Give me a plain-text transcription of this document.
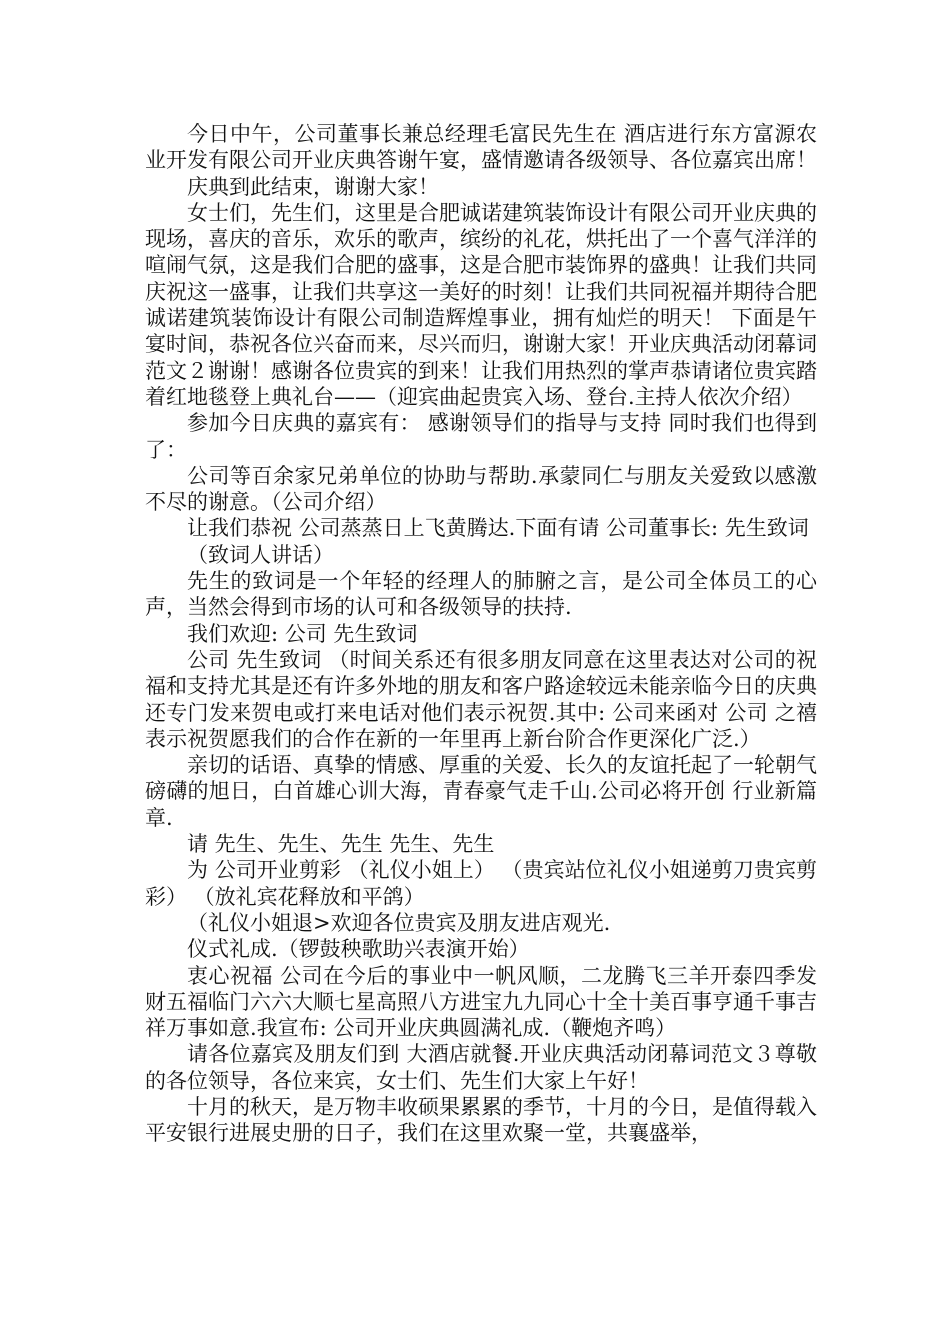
今日中午，公司董事长兼总经理毛富民先生在 酒店进行东方富源农业开发有限公司开业庆典答谢午宴，盛情邀请各级领导、各位嘉宾出席！

庆典到此结束，谢谢大家！

女士们，先生们，这里是合肥诚诺建筑装饰设计有限公司开业庆典的现场，喜庆的音乐，欢乐的歌声，缤纷的礼花，烘托出了一个喜气洋洋的喧闹气氛，这是我们合肥的盛事，这是合肥市装饰界的盛典！让我们共同庆祝这一盛事，让我们共享这一美好的时刻！让我们共同祝福并期待合肥诚诺建筑装饰设计有限公司制造辉煌事业，拥有灿烂的明天！ 下面是午宴时间，恭祝各位兴奋而来，尽兴而归，谢谢大家！开业庆典活动闭幕词范文２谢谢！感谢各位贵宾的到来！让我们用热烈的掌声恭请诸位贵宾踏着红地毯登上典礼台——（迎宾曲起贵宾入场、登台.主持人依次介绍）

参加今日庆典的嘉宾有： 感谢领导们的指导与支持 同时我们也得到了：

公司等百余家兄弟单位的协助与帮助.承蒙同仁与朋友关爱致以感激不尽的谢意。（公司介绍）

让我们恭祝 公司蒸蒸日上飞黄腾达.下面有请 公司董事长: 先生致词

（致词人讲话）

先生的致词是一个年轻的经理人的肺腑之言，是公司全体员工的心声，当然会得到市场的认可和各级领导的扶持.

我们欢迎: 公司 先生致词

公司 先生致词 （时间关系还有很多朋友同意在这里表达对公司的祝福和支持尤其是还有许多外地的朋友和客户路途较远未能亲临今日的庆典还专门发来贺电或打来电话对他们表示祝贺.其中: 公司来函对 公司 之禧表示祝贺愿我们的合作在新的一年里再上新台阶合作更深化广泛.）

亲切的话语、真挚的情感、厚重的关爱、长久的友谊托起了一轮朝气磅礴的旭日，白首雄心训大海，青春豪气走千山.公司必将开创 行业新篇章.

请 先生、先生、先生 先生、先生

为 公司开业剪彩 （礼仪小姐上） （贵宾站位礼仪小姐递剪刀贵宾剪彩） （放礼宾花释放和平鸽）

（礼仪小姐退>欢迎各位贵宾及朋友进店观光.

仪式礼成.（锣鼓秧歌助兴表演开始）

衷心祝福 公司在今后的事业中一帆风顺，二龙腾飞三羊开泰四季发财五福临门六六大顺七星高照八方进宝九九同心十全十美百事亨通千事吉祥万事如意.我宣布: 公司开业庆典圆满礼成.（鞭炮齐鸣）

请各位嘉宾及朋友们到 大酒店就餐.开业庆典活动闭幕词范文３尊敬的各位领导，各位来宾，女士们、先生们大家上午好！

十月的秋天，是万物丰收硕果累累的季节，十月的今日，是值得载入平安银行进展史册的日子，我们在这里欢聚一堂，共襄盛举，
